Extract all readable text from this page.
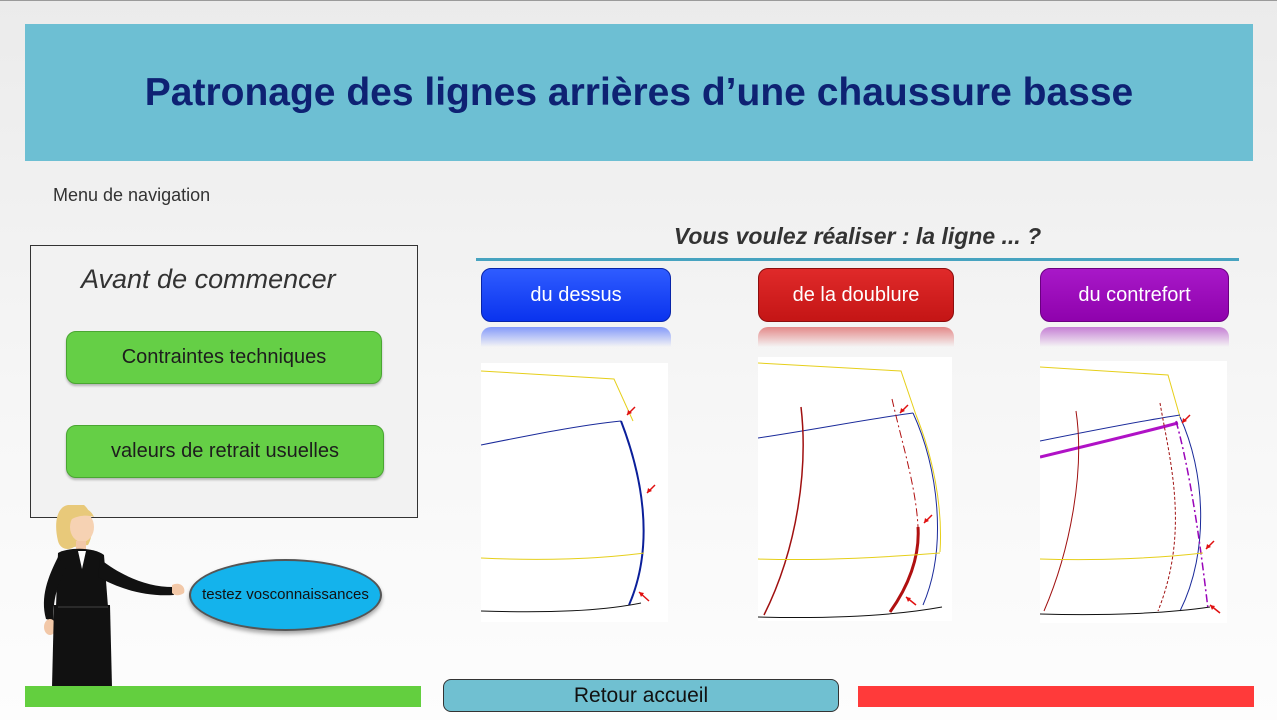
Patronage des lignes arrières d’une chaussure basse
Menu de navigation
Avant de commencer
Contraintes techniques
valeurs de retrait usuelles
Vous voulez réaliser : la ligne ... ?
du dessus	de la doublure	du contrefort
testez vos connaissances
Retour accueil
